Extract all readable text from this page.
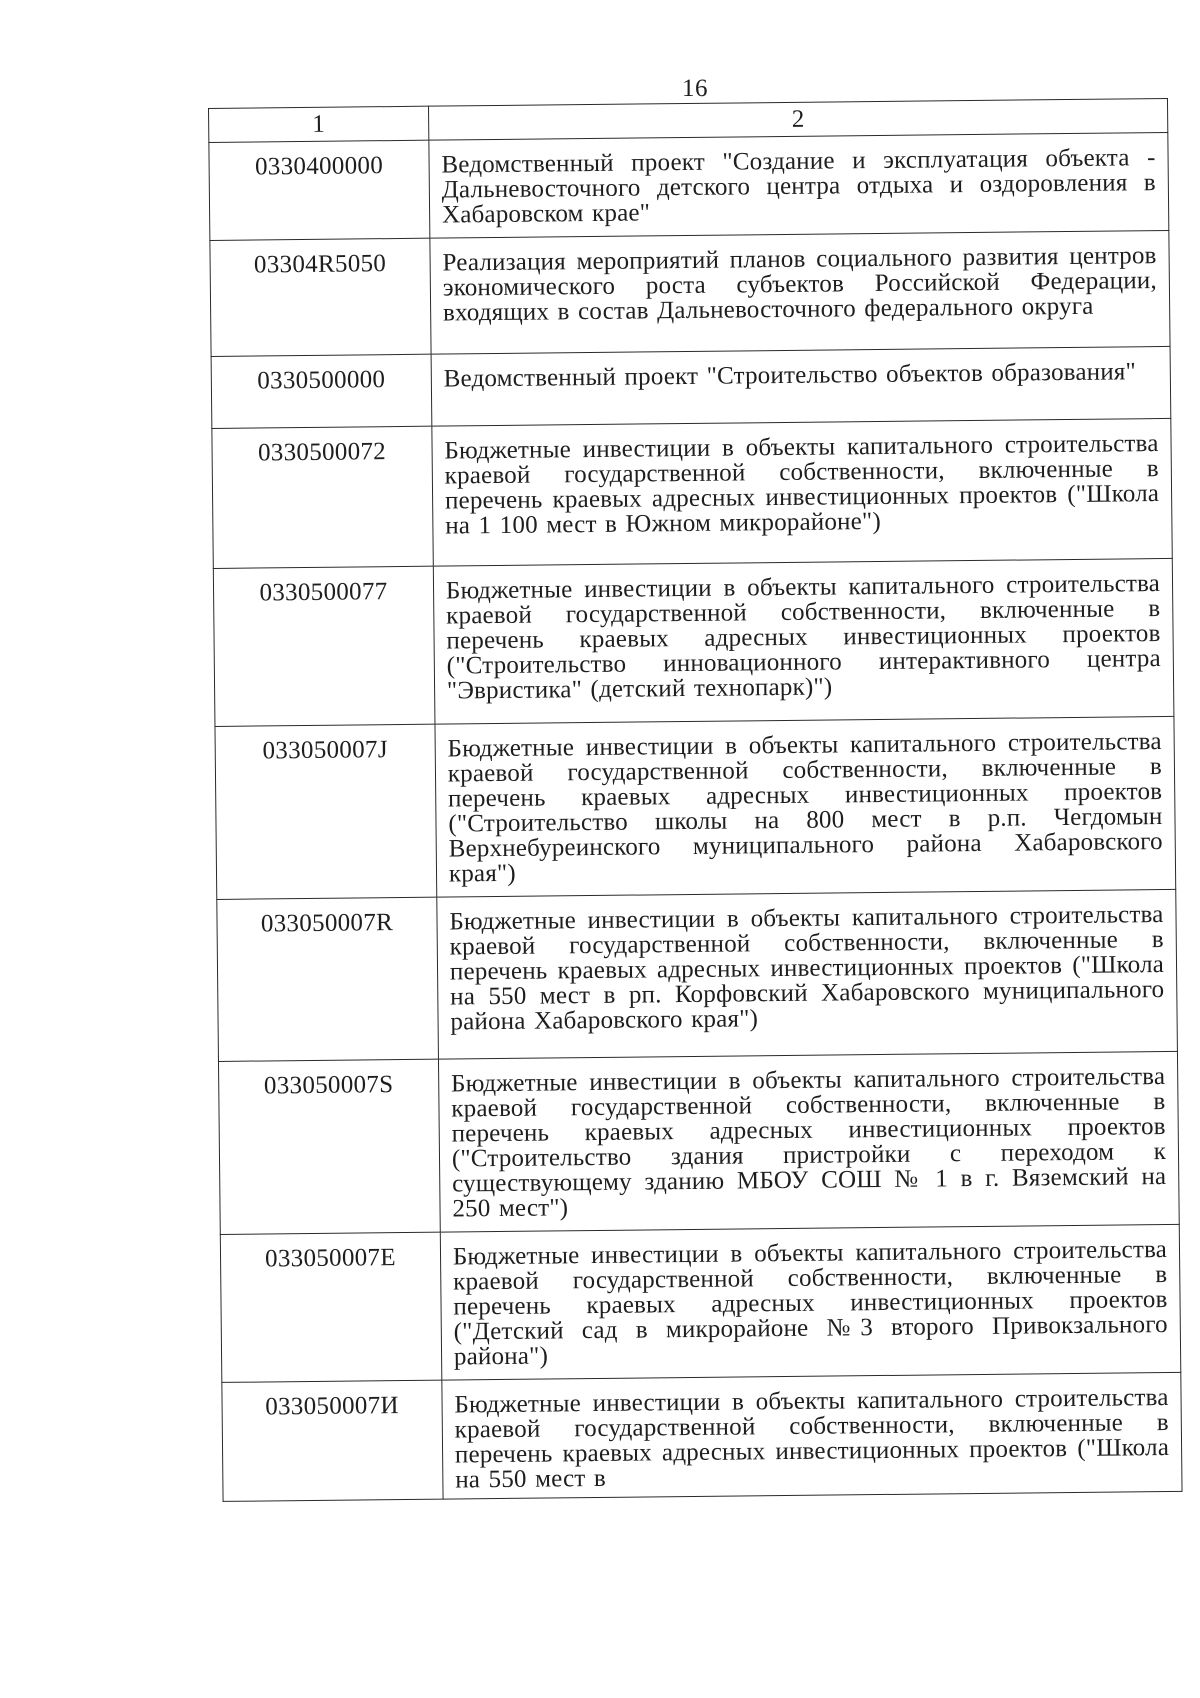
16
1	2
0330400000	Ведомственный проект "Создание и эксплуатация объекта - Дальневосточного детского центра отдыха и оздоровления в Хабаровском крае"
03304R5050	Реализация мероприятий планов социального развития центров экономического роста субъектов Российской Федерации, входящих в состав Дальневосточного федерального округа
0330500000	Ведомственный проект "Строительство объектов образования"
0330500072	Бюджетные инвестиции в объекты капитального строительства краевой государственной собственности, включенные в перечень краевых адресных инвестиционных проектов ("Школа на 1 100 мест в Южном микрорайоне")
0330500077	Бюджетные инвестиции в объекты капитального строительства краевой государственной собственности, включенные в перечень краевых адресных инвестиционных проектов ("Строительство инновационного интерактивного центра "Эвристика" (детский технопарк)")
033050007J	Бюджетные инвестиции в объекты капитального строительства краевой государственной собственности, включенные в перечень краевых адресных инвестиционных проектов ("Строительство школы на 800 мест в р.п. Чегдомын Верхнебуреинского муниципального района Хабаровского края")
033050007R	Бюджетные инвестиции в объекты капитального строительства краевой государственной собственности, включенные в перечень краевых адресных инвестиционных проектов ("Школа на 550 мест в рп. Корфовский Хабаровского муниципального района Хабаровского края")
033050007S	Бюджетные инвестиции в объекты капитального строительства краевой государственной собственности, включенные в перечень краевых адресных инвестиционных проектов ("Строительство здания пристройки с переходом к существующему зданию МБОУ СОШ № 1 в г. Вяземский на 250 мест")
033050007E	Бюджетные инвестиции в объекты капитального строительства краевой государственной собственности, включенные в перечень краевых адресных инвестиционных проектов ("Детский сад в микрорайоне №3 второго Привокзального района")
033050007И	Бюджетные инвестиции в объекты капитального строительства краевой государственной собственности, включенные в перечень краевых адресных инвестиционных проектов ("Школа на 550 мест в
